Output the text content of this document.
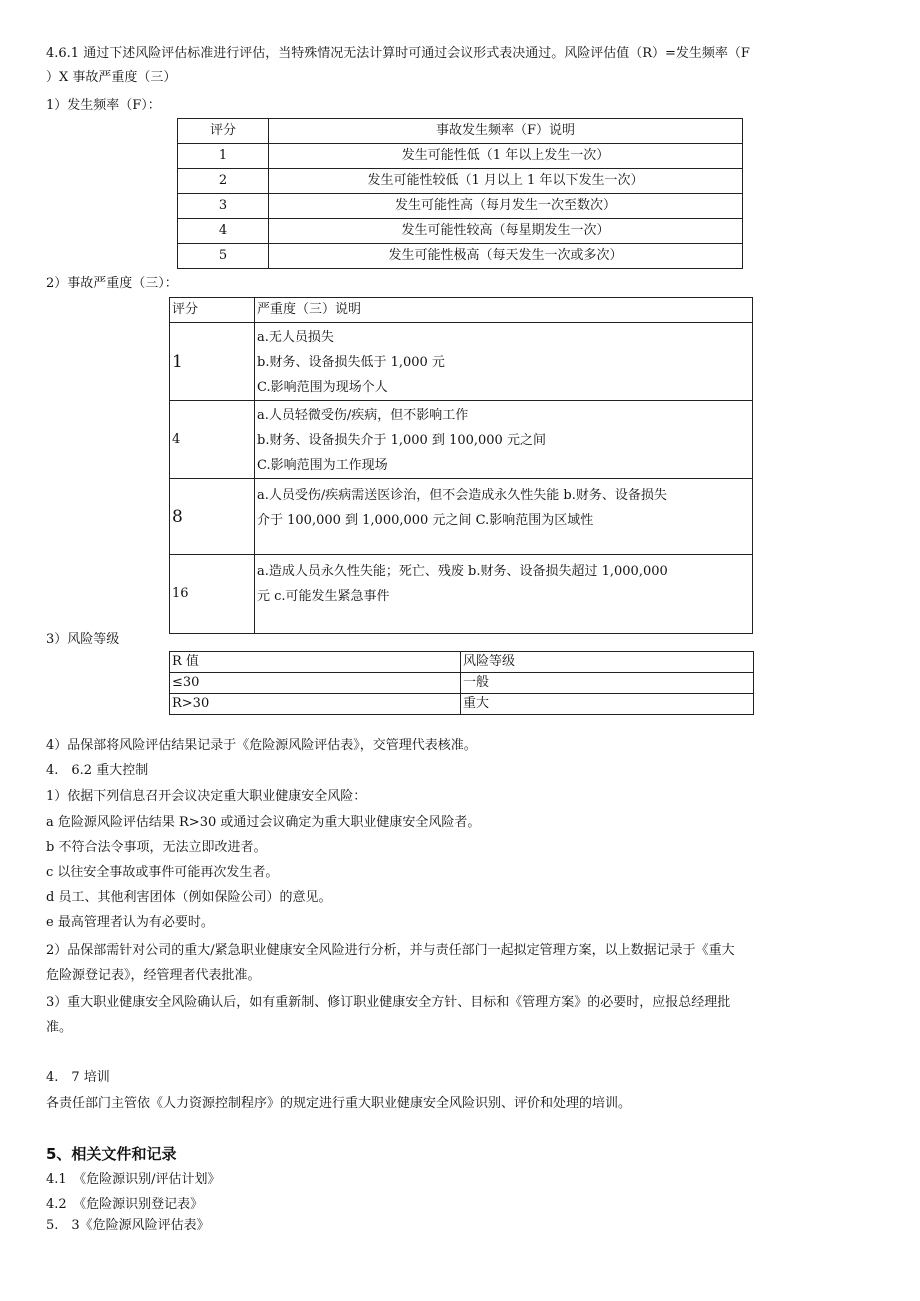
4.6.1 通过下述风险评估标准进行评估，当特殊情况无法计算时可通过会议形式表决通过。风险评估值（R）=发生频率（F
）X 事故严重度（三）
1）发生频率（F）：
评分	事故发生频率（F）说明
1	发生可能性低（1 年以上发生一次）
2	发生可能性较低（1 月以上 1 年以下发生一次）
3	发生可能性高（每月发生一次至数次）
4	发生可能性较高（每星期发生一次）
5	发生可能性极高（每天发生一次或多次）
2）事故严重度（三）：
评分	严重度（三）说明
1	a.无人员损失
b.财务、设备损失低于 1,000 元
C.影响范围为现场个人

4	a.人员轻微受伤/疾病，但不影响工作
b.财务、设备损失介于 1,000 到 100,000 元之间
C.影响范围为工作现场

8	a.人员受伤/疾病需送医诊治，但不会造成永久性失能 b.财务、设备损失
介于 100,000 到 1,000,000 元之间 C.影响范围为区域性

16	a.造成人员永久性失能；死亡、残废 b.财务、设备损失超过 1,000,000
元 c.可能发生紧急事件
3）风险等级
R 值	风险等级
≤30	一般
R>30	重大
4）品保部将风险评估结果记录于《危险源风险评估表》，交管理代表核准。
4.　6.2 重大控制
1）依据下列信息召开会议决定重大职业健康安全风险：
a 危险源风险评估结果 R>30 或通过会议确定为重大职业健康安全风险者。
b 不符合法令事项，无法立即改进者。
c 以往安全事故或事件可能再次发生者。
d 员工、其他利害团体（例如保险公司）的意见。
e 最高管理者认为有必要时。
2）品保部需针对公司的重大/紧急职业健康安全风险进行分析，并与责任部门一起拟定管理方案，以上数据记录于《重大
危险源登记表》，经管理者代表批准。
3）重大职业健康安全风险确认后，如有重新制、修订职业健康安全方针、目标和《管理方案》的必要时，应报总经理批
准。
4.　7 培训
各责任部门主管依《人力资源控制程序》的规定进行重大职业健康安全风险识别、评价和处理的培训。
5、相关文件和记录
4.1　《危险源识别/评估计划》
4.2　《危险源识别登记表》
5.　3《危险源风险评估表》
